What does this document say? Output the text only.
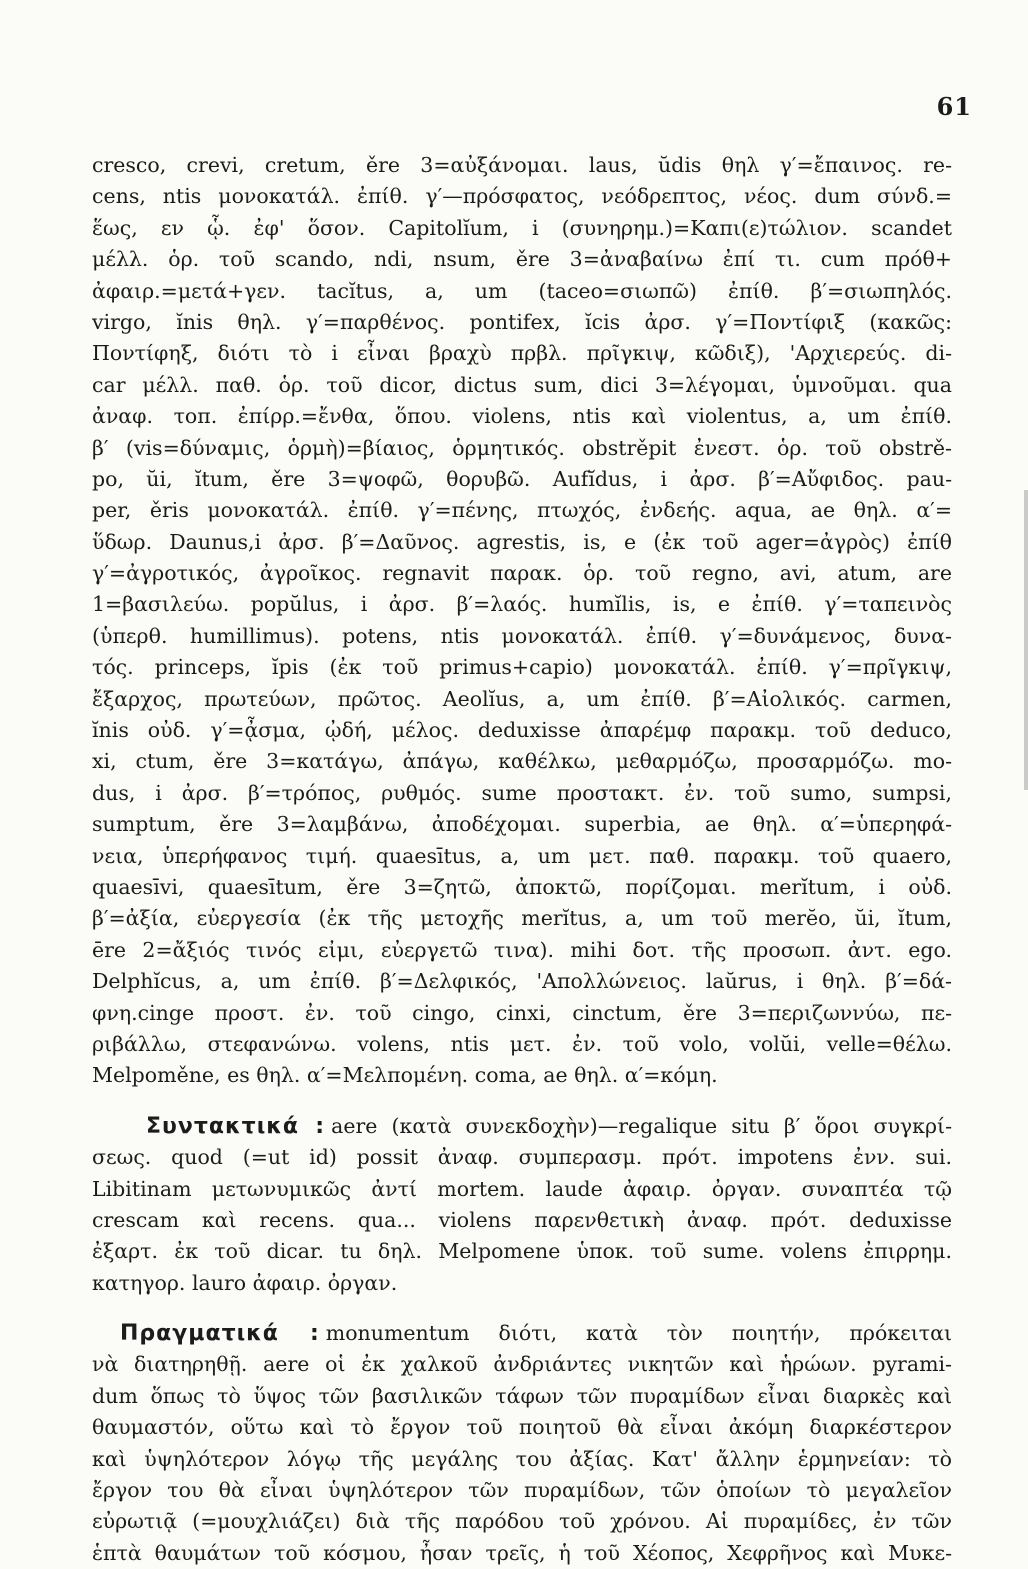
61
cresco, crevi, cretum, ěre 3=αὐξάνομαι. laus, ŭdis θηλ γ′=ἔπαινος. re-
cens, ntis μονοκατάλ. ἐπίθ. γ′—πρόσφατος, νεόδρεπτος, νέος. dum σύνδ.=
ἕως, εν ᾧ. ἐφ' ὅσον. Capitolĭum, i (συνηρημ.)=Καπι(ε)τώλιον. scandet
μέλλ. ὁρ. τοῦ scando, ndi, nsum, ěre 3=ἀναβαίνω ἐπί τι. cum πρόθ+
ἀφαιρ.=μετά+γεν. tacĭtus, a, um (taceo=σιωπῶ) ἐπίθ. β′=σιωπηλός.
virgo, ĭnis θηλ. γ′=παρθένος. pontifex, ĭcis ἀρσ. γ′=Ποντίφιξ (κακῶς:
Ποντίφηξ, διότι τὸ i εἶναι βραχὺ πρβλ. πρῖγκιψ, κῶδιξ), 'Αρχιερεύς. di-
car μέλλ. παθ. ὁρ. τοῦ dicor, dictus sum, dici 3=λέγομαι, ὑμνοῦμαι. qua
ἀναφ. τοπ. ἐπίρρ.=ἔνθα, ὅπου. violens, ntis καὶ violentus, a, um ἐπίθ.
β′ (vis=δύναμις, ὁρμὴ)=βίαιος, ὁρμητικός. obstrěpit ἐνεστ. ὁρ. τοῦ obstrě-
po, ŭi, ĭtum, ěre 3=ψοφῶ, θορυβῶ. Aufĭdus, i ἀρσ. β′=Αὔφιδος. pau-
per, ěris μονοκατάλ. ἐπίθ. γ′=πένης, πτωχός, ἐνδεής. aqua, ae θηλ. α′=
ὕδωρ. Daunus,i ἀρσ. β′=Δαῦνος. agrestis, is, e (ἐκ τοῦ ager=ἀγρὸς) ἐπίθ
γ′=ἀγροτικός, ἀγροῖκος. regnavit παρακ. ὁρ. τοῦ regno, avi, atum, are
1=βασιλεύω. popŭlus, i ἀρσ. β′=λαός. humĭlis, is, e ἐπίθ. γ′=ταπεινὸς
(ὑπερθ. humillimus). potens, ntis μονοκατάλ. ἐπίθ. γ′=δυνάμενος, δυνα-
τός. princeps, ĭpis (ἐκ τοῦ primus+capio) μονοκατάλ. ἐπίθ. γ′=πρῖγκιψ,
ἔξαρχος, πρωτεύων, πρῶτος. Aeolĭus, a, um ἐπίθ. β′=Αἰολικός. carmen,
ĭnis οὐδ. γ′=ᾆσμα, ᾠδή, μέλος. deduxisse ἀπαρέμφ παρακμ. τοῦ deduco,
xi, ctum, ěre 3=κατάγω, ἀπάγω, καθέλκω, μεθαρμόζω, προσαρμόζω. mo-
dus, i ἀρσ. β′=τρόπος, ρυθμός. sume προστακτ. ἐν. τοῦ sumo, sumpsi,
sumptum, ěre 3=λαμβάνω, ἀποδέχομαι. superbia, ae θηλ. α′=ὑπερηφά-
νεια, ὑπερήφανος τιμή. quaesītus, a, um μετ. παθ. παρακμ. τοῦ quaero,
quaesīvi, quaesītum, ěre 3=ζητῶ, ἀποκτῶ, πορίζομαι. merĭtum, i οὐδ.
β′=ἀξία, εὐεργεσία (ἐκ τῆς μετοχῆς merĭtus, a, um τοῦ merĕo, ŭi, ĭtum,
ēre 2=ἄξιός τινός εἰμι, εὐεργετῶ τινα). mihi δοτ. τῆς προσωπ. ἀντ. ego.
Delphĭcus, a, um ἐπίθ. β′=Δελφικός, 'Απολλώνειος. laŭrus, i θηλ. β′=δά-
φνη.cinge προστ. ἐν. τοῦ cingo, cinxi, cinctum, ěre 3=περιζωννύω, πε-
ριβάλλω, στεφανώνω. volens, ntis μετ. ἐν. τοῦ volo, volŭi, velle=θέλω.
Melpoměne, es θηλ. α′=Μελπομένη. coma, ae θηλ. α′=κόμη.
Συντακτικά : aere (κατὰ συνεκδοχὴν)—regalique situ β′ ὅροι συγκρί-
σεως. quod (=ut id) possit ἀναφ. συμπερασμ. πρότ. impotens ἐνν. sui.
Libitinam μετωνυμικῶς ἀντί mortem. laude ἀφαιρ. ὀργαν. συναπτέα τῷ
crescam καὶ recens. qua... violens παρενθετικὴ ἀναφ. πρότ. deduxisse
ἐξαρτ. ἐκ τοῦ dicar. tu δηλ. Melpomene ὑποκ. τοῦ sume. volens ἐπιρρημ.
κατηγορ. lauro ἀφαιρ. ὀργαν.
Πραγματικά : monumentum διότι, κατὰ τὸν ποιητήν, πρόκειται
νὰ διατηρηθῇ. aere οἱ ἐκ χαλκοῦ ἀνδριάντες νικητῶν καὶ ἡρώων. pyrami-
dum ὅπως τὸ ὕψος τῶν βασιλικῶν τάφων τῶν πυραμίδων εἶναι διαρκὲς καὶ
θαυμαστόν, οὕτω καὶ τὸ ἔργον τοῦ ποιητοῦ θὰ εἶναι ἀκόμη διαρκέστερον
καὶ ὑψηλότερον λόγῳ τῆς μεγάλης του ἀξίας. Κατ' ἄλλην ἑρμηνείαν: τὸ
ἔργον του θὰ εἶναι ὑψηλότερον τῶν πυραμίδων, τῶν ὁποίων τὸ μεγαλεῖον
εὐρωτιᾷ (=μουχλιάζει) διὰ τῆς παρόδου τοῦ χρόνου. Αἱ πυραμίδες, ἐν τῶν
ἑπτὰ θαυμάτων τοῦ κόσμου, ἦσαν τρεῖς, ἡ τοῦ Χέοπος, Χεφρῆνος καὶ Μυκε-
